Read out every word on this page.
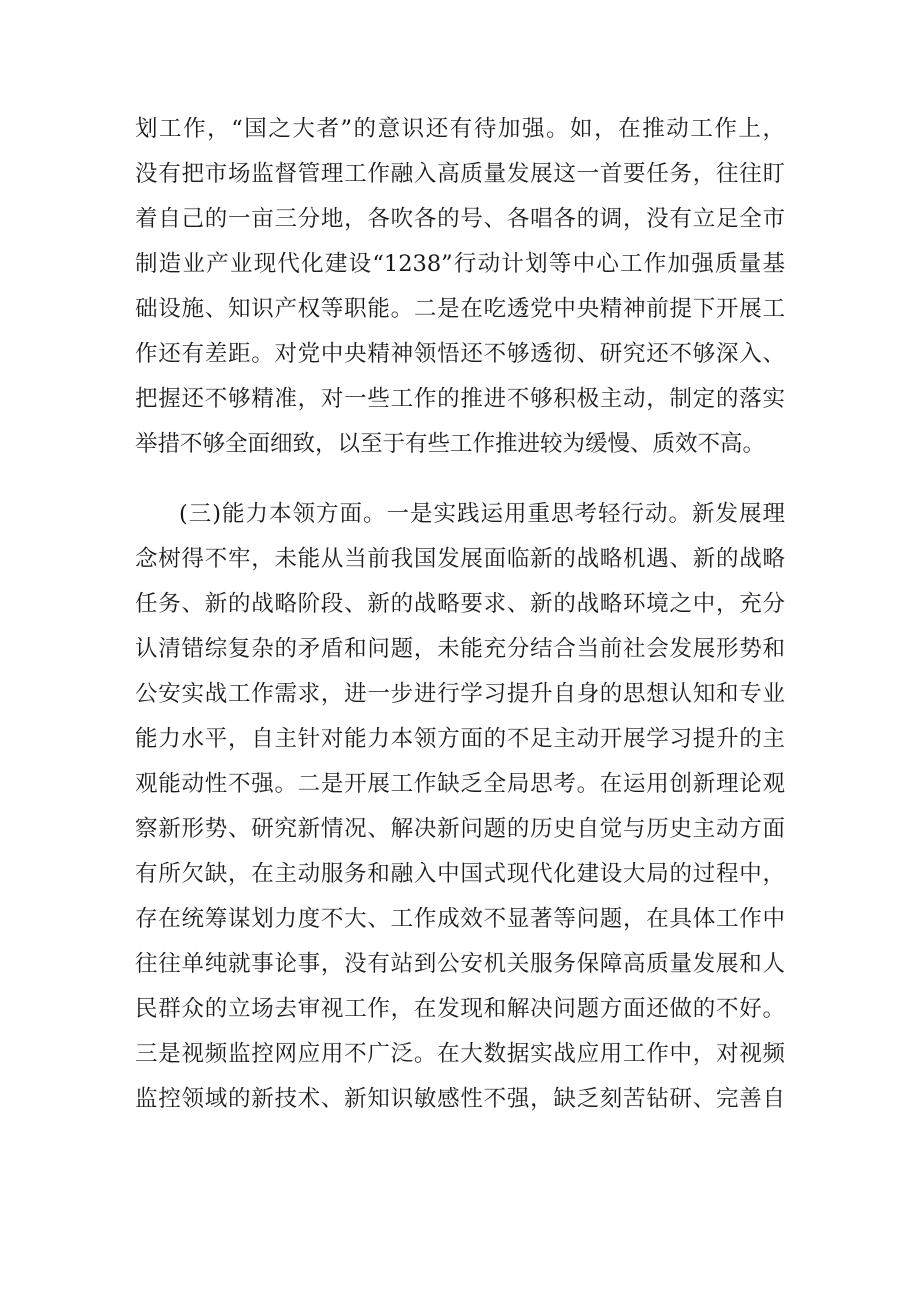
划工作，“国之大者”的意识还有待加强。如，在推动工作上，
没有把市场监督管理工作融入高质量发展这一首要任务，往往盯
着自己的一亩三分地，各吹各的号、各唱各的调，没有立足全市
制造业产业现代化建设“1238”行动计划等中心工作加强质量基
础设施、知识产权等职能。二是在吃透党中央精神前提下开展工
作还有差距。对党中央精神领悟还不够透彻、研究还不够深入、
把握还不够精准，对一些工作的推进不够积极主动，制定的落实
举措不够全面细致，以至于有些工作推进较为缓慢、质效不高。
(三)能力本领方面。一是实践运用重思考轻行动。新发展理
念树得不牢，未能从当前我国发展面临新的战略机遇、新的战略
任务、新的战略阶段、新的战略要求、新的战略环境之中，充分
认清错综复杂的矛盾和问题，未能充分结合当前社会发展形势和
公安实战工作需求，进一步进行学习提升自身的思想认知和专业
能力水平，自主针对能力本领方面的不足主动开展学习提升的主
观能动性不强。二是开展工作缺乏全局思考。在运用创新理论观
察新形势、研究新情况、解决新问题的历史自觉与历史主动方面
有所欠缺，在主动服务和融入中国式现代化建设大局的过程中，
存在统筹谋划力度不大、工作成效不显著等问题，在具体工作中
往往单纯就事论事，没有站到公安机关服务保障高质量发展和人
民群众的立场去审视工作，在发现和解决问题方面还做的不好。
三是视频监控网应用不广泛。在大数据实战应用工作中，对视频
监控领域的新技术、新知识敏感性不强，缺乏刻苦钻研、完善自
